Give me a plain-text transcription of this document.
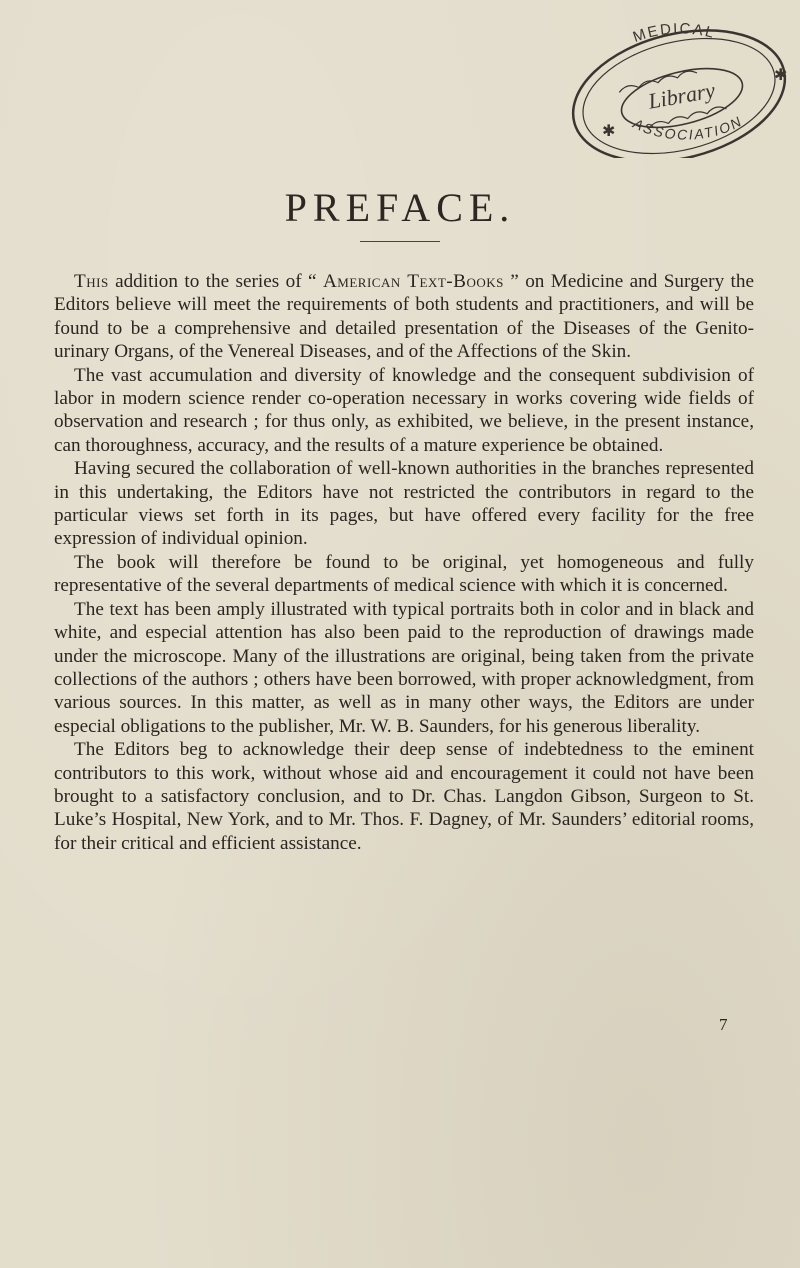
MEDICAL
ASSOCIATION
Library
✱
✱
PREFACE.

This addition to the series of “ American Text-Books ” on Medicine and Surgery the Editors believe will meet the requirements of both students and practitioners, and will be found to be a comprehensive and detailed presentation of the Diseases of the Genito-urinary Organs, of the Venereal Diseases, and of the Affections of the Skin.

The vast accumulation and diversity of knowledge and the consequent subdivision of labor in modern science render co-operation necessary in works covering wide fields of observation and research ; for thus only, as exhibited, we believe, in the present instance, can thoroughness, accuracy, and the results of a mature experience be obtained.

Having secured the collaboration of well-known authorities in the branches represented in this undertaking, the Editors have not restricted the contributors in regard to the particular views set forth in its pages, but have offered every facility for the free expression of individual opinion.

The book will therefore be found to be original, yet homogeneous and fully representative of the several departments of medical science with which it is concerned.

The text has been amply illustrated with typical portraits both in color and in black and white, and especial attention has also been paid to the reproduction of drawings made under the microscope. Many of the illustrations are original, being taken from the private collections of the authors ; others have been borrowed, with proper acknowledgment, from various sources. In this matter, as well as in many other ways, the Editors are under especial obligations to the publisher, Mr. W. B. Saunders, for his generous liberality.

The Editors beg to acknowledge their deep sense of indebtedness to the eminent contributors to this work, without whose aid and encouragement it could not have been brought to a satisfactory conclusion, and to Dr. Chas. Langdon Gibson, Surgeon to St. Luke’s Hospital, New York, and to Mr. Thos. F. Dagney, of Mr. Saunders’ editorial rooms, for their critical and efficient assistance.

7
